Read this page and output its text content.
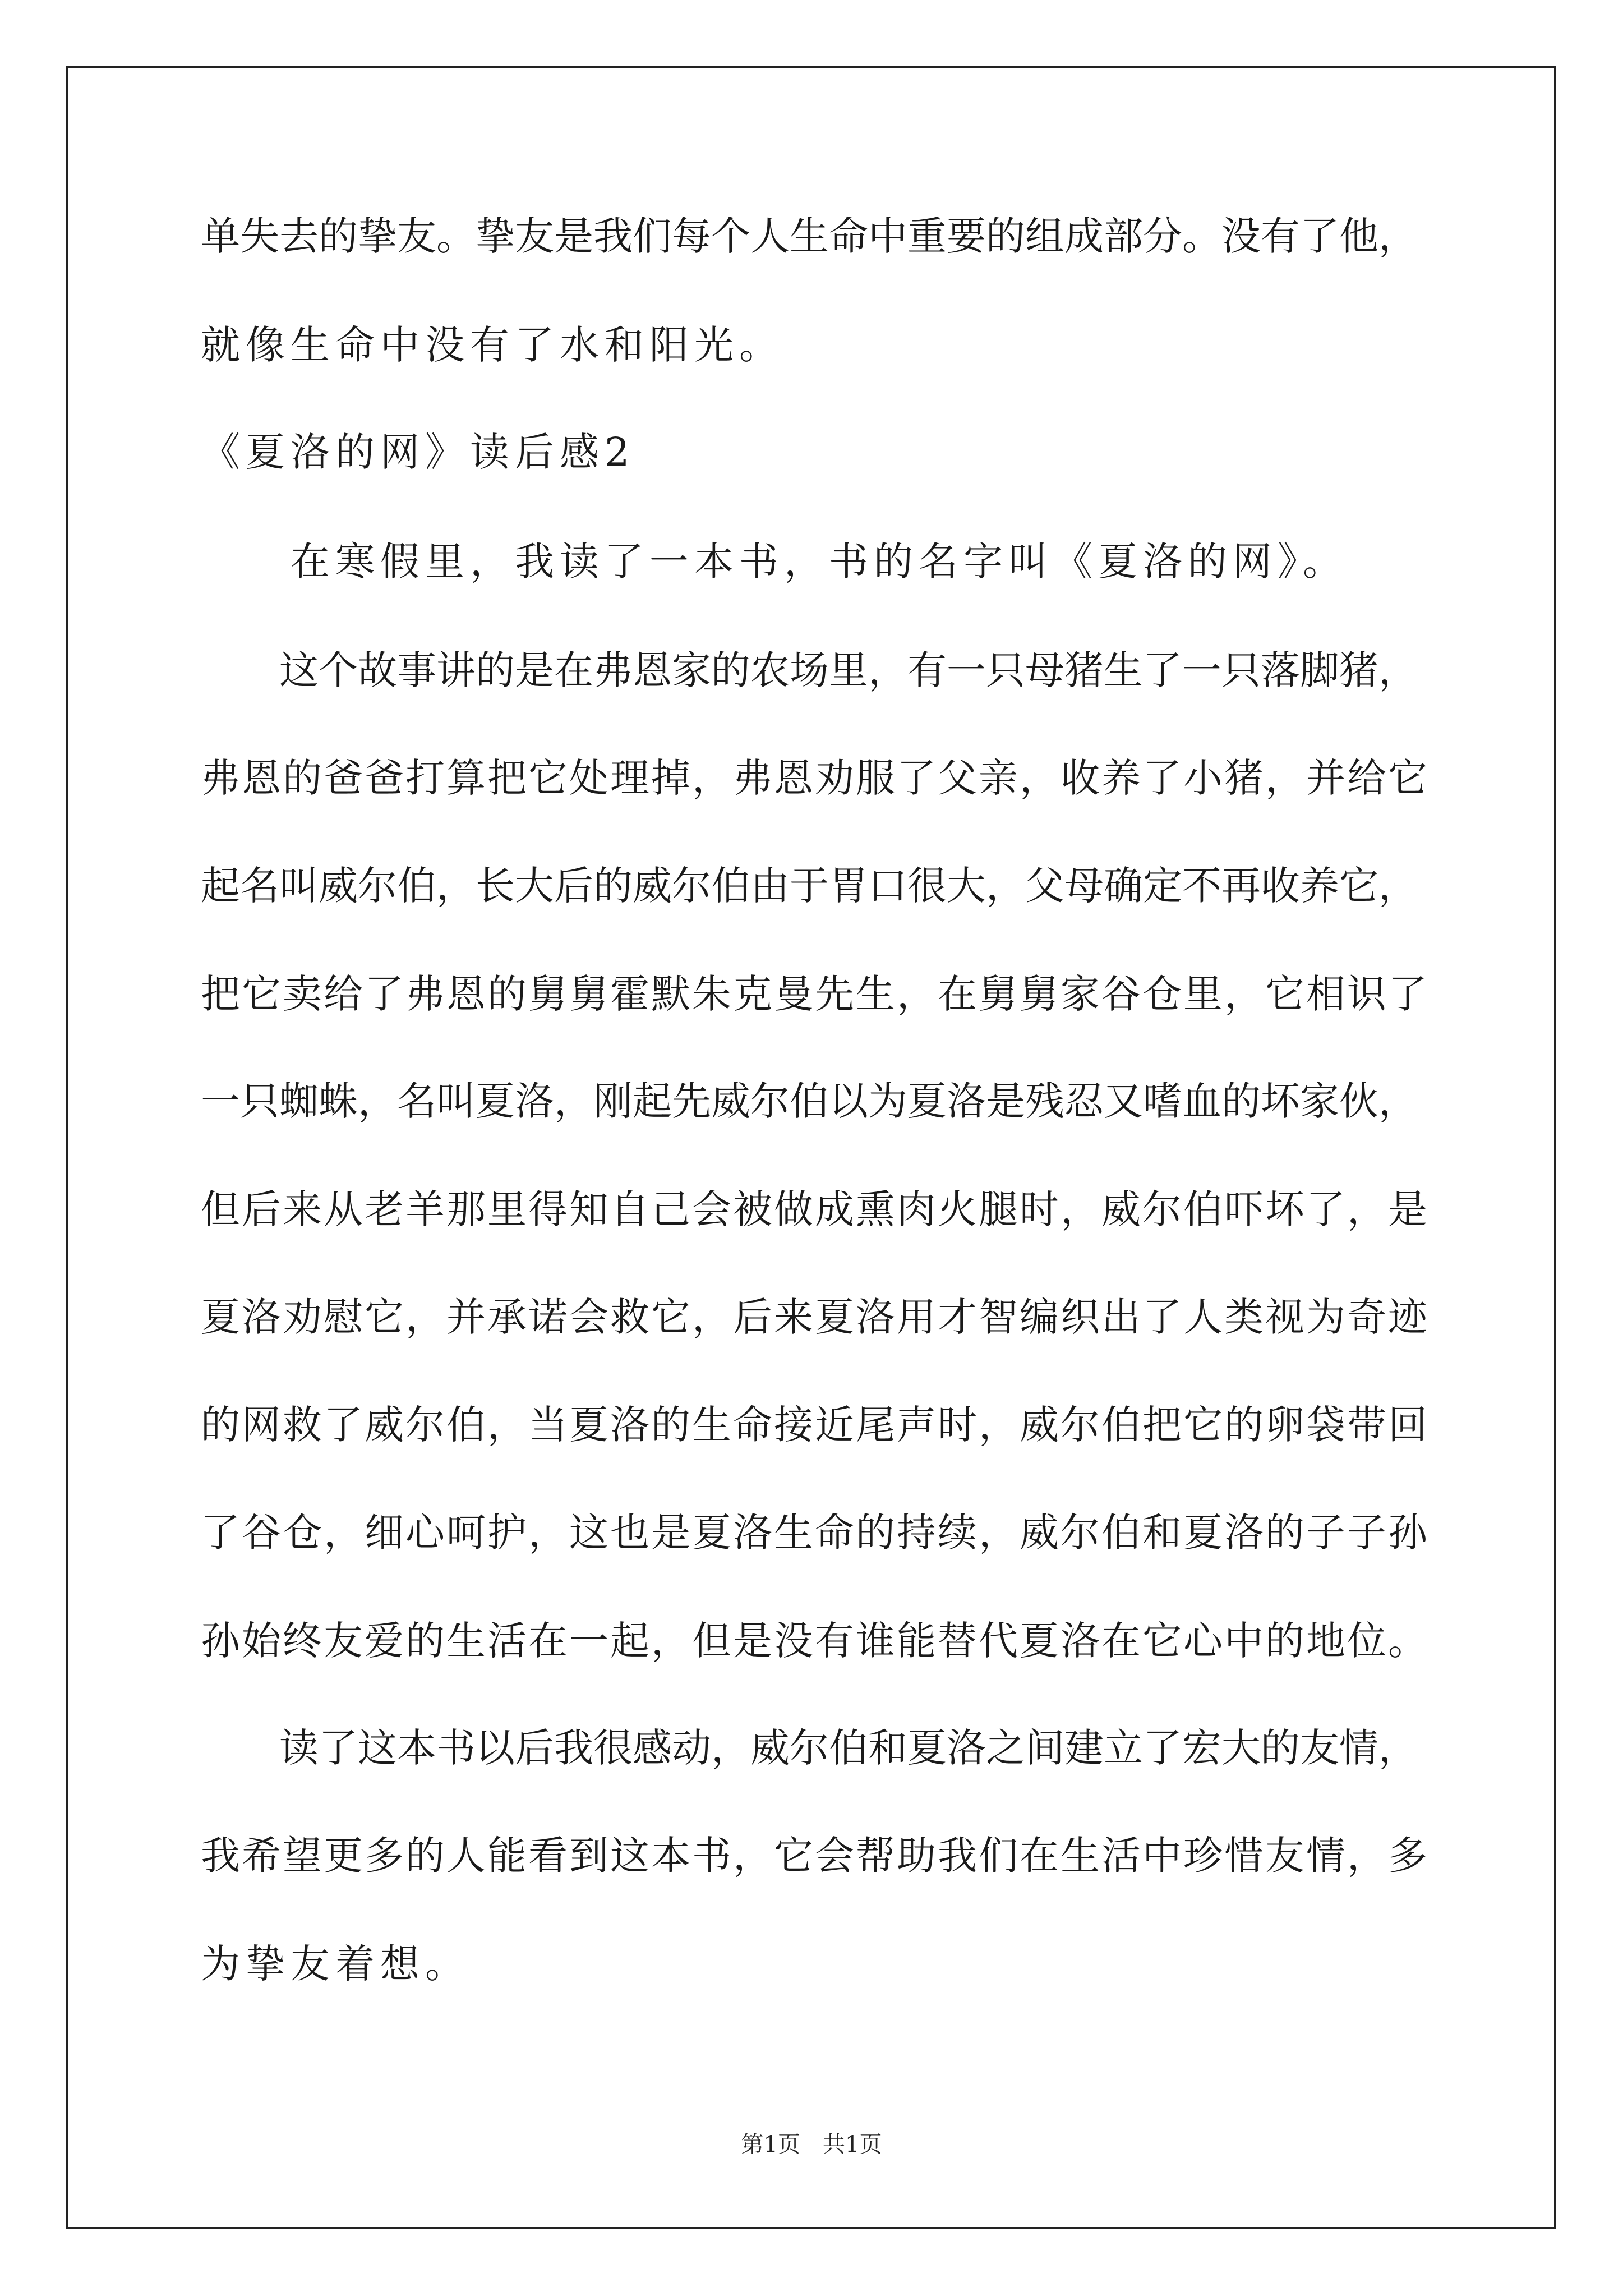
单失去的挚友。挚友是我们每个人生命中重要的组成部分。没有了他，
就像生命中没有了水和阳光。
《夏洛的网》读后感2
　　在寒假里，我读了一本书，书的名字叫《夏洛的网》。
　　这个故事讲的是在弗恩家的农场里，有一只母猪生了一只落脚猪，
弗恩的爸爸打算把它处理掉，弗恩劝服了父亲，收养了小猪，并给它
起名叫威尔伯，长大后的威尔伯由于胃口很大，父母确定不再收养它，
把它卖给了弗恩的舅舅霍默朱克曼先生，在舅舅家谷仓里，它相识了
一只蜘蛛，名叫夏洛，刚起先威尔伯以为夏洛是残忍又嗜血的坏家伙，
但后来从老羊那里得知自己会被做成熏肉火腿时，威尔伯吓坏了，是
夏洛劝慰它，并承诺会救它，后来夏洛用才智编织出了人类视为奇迹
的网救了威尔伯，当夏洛的生命接近尾声时，威尔伯把它的卵袋带回
了谷仓，细心呵护，这也是夏洛生命的持续，威尔伯和夏洛的子子孙
孙始终友爱的生活在一起，但是没有谁能替代夏洛在它心中的地位。
　　读了这本书以后我很感动，威尔伯和夏洛之间建立了宏大的友情，
我希望更多的人能看到这本书，它会帮助我们在生活中珍惜友情，多
为挚友着想。
第1页　共1页
